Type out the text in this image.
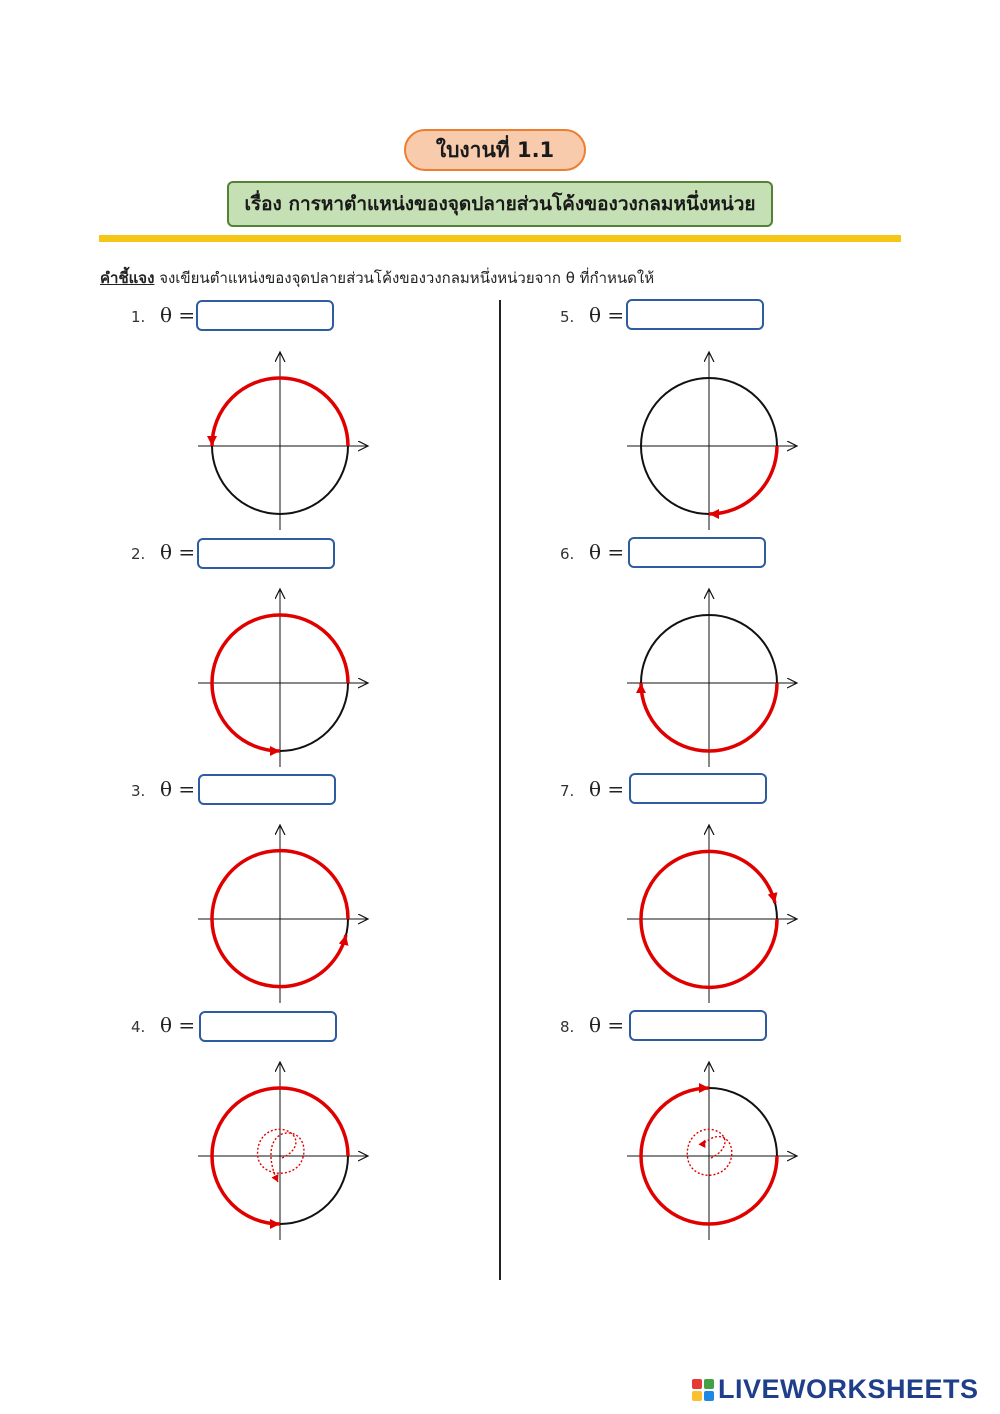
ใบงานที่ 1.1
เรื่อง การหาตำแหน่งของจุดปลายส่วนโค้งของวงกลมหนึ่งหน่วย
คำชี้แจง จงเขียนตำแหน่งของจุดปลายส่วนโค้งของวงกลมหนึ่งหน่วยจาก θ ที่กำหนดให้
1. θ =
2. θ =
3. θ =
4. θ =
5. θ =
6. θ =
7. θ =
8. θ =
LIVEWORKSHEETS
